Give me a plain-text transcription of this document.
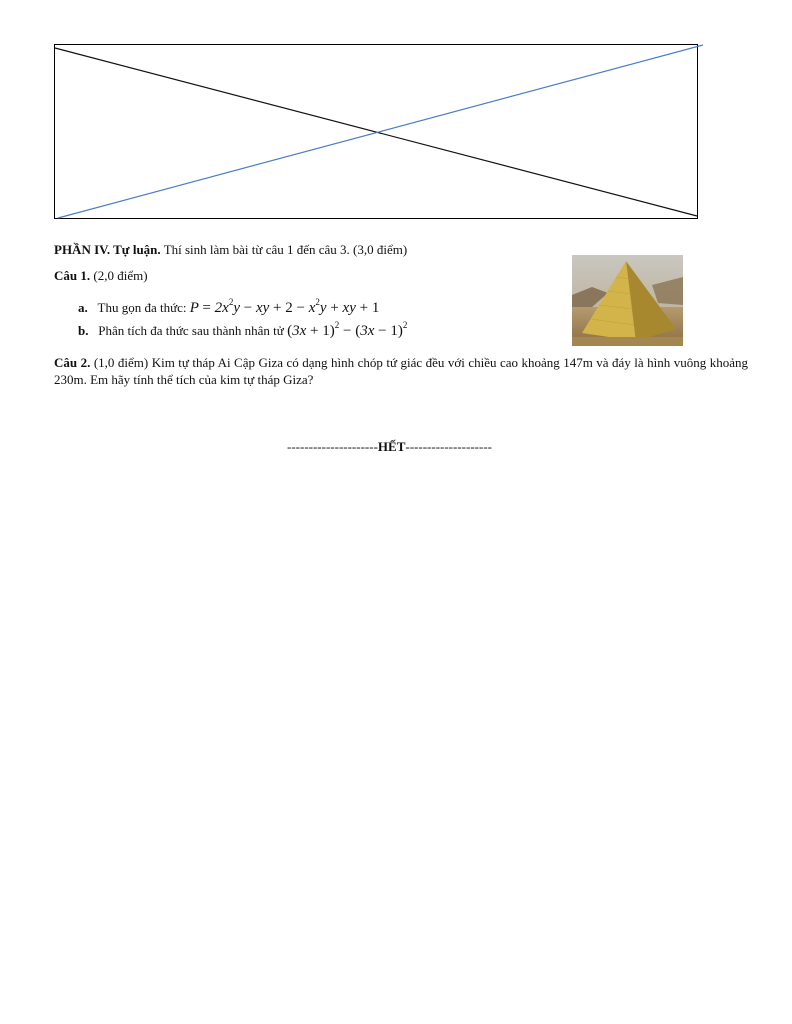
PHẦN IV. Tự luận. Thí sinh làm bài từ câu 1 đến câu 3. (3,0 điểm)
Câu 1. (2,0 điểm)
a. Thu gọn đa thức: $P = 2x^2y$ − xy + $2 - x^2y$ + xy + 1
b. Phân tích đa thức sau thành nhân tử $(3x + 1)^2 - (3x - 1)^2$
Câu 2. (1,0 điểm) Kim tự tháp Ai Cập Giza có dạng hình chóp tứ giác đều với chiều cao khoảng 147m và đáy là hình vuông khoảng 230m. Em hãy tính thể tích của kim tự tháp Giza?
---------------------HẾT--------------------
